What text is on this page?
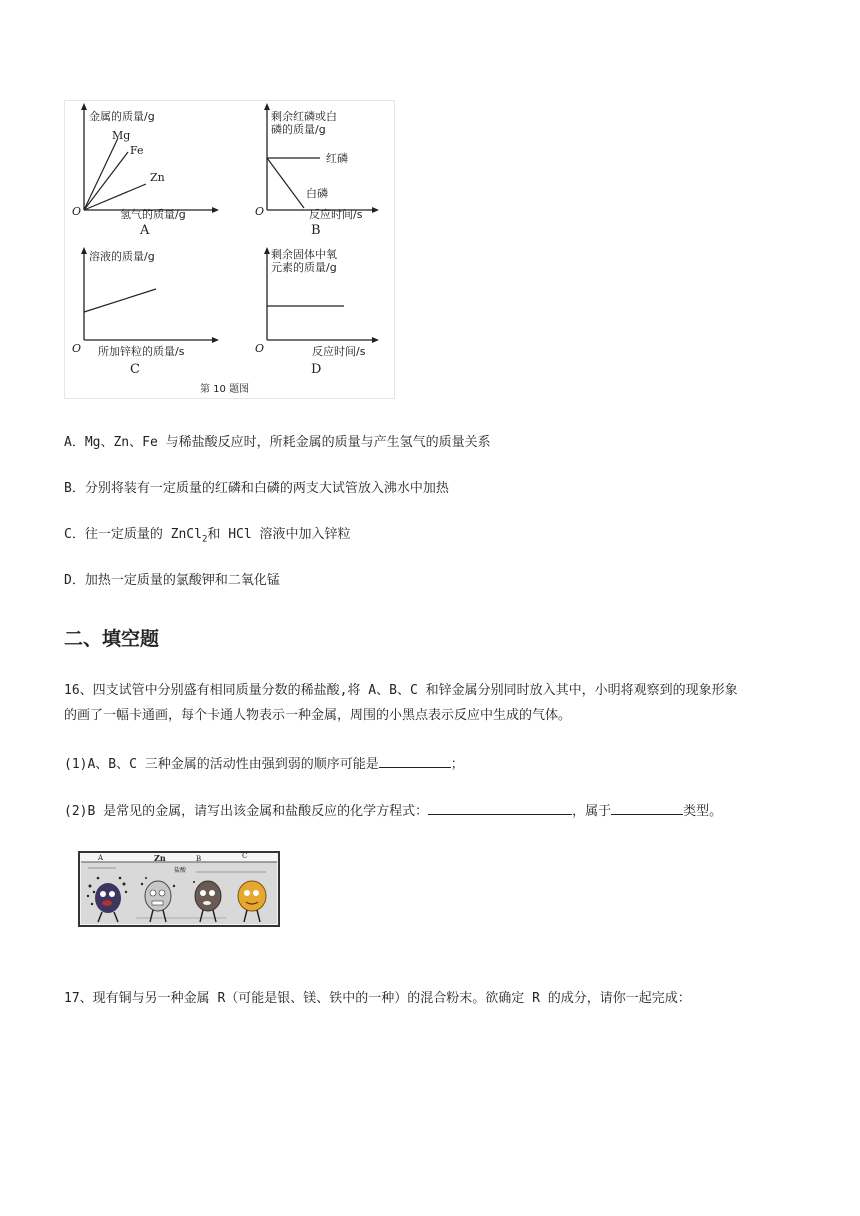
金属的质量/g
Mg
Fe
Zn
O	氢气的质量/g
A
剩余红磷或白
磷的质量/g
红磷
白磷
O	反应时间/s
B
溶液的质量/g
O 所加锌粒的质量/s
C
剩余固体中氧
元素的质量/g
O	反应时间/s
D
第 10 题图
A．Mg、Zn、Fe 与稀盐酸反应时，所耗金属的质量与产生氢气的质量关系
B．分别将装有一定质量的红磷和白磷的两支大试管放入沸水中加热
C．往一定质量的 ZnCl$_2$和 HCl 溶液中加入锌粒
D．加热一定质量的氯酸钾和二氧化锰
二、填空题
16、四支试管中分别盛有相同质量分数的稀盐酸,将 A、B、C 和锌金属分别同时放入其中，小明将观察到的现象形象
的画了一幅卡通画，每个卡通人物表示一种金属，周围的小黑点表示反应中生成的气体。
(1)A、B、C 三种金属的活动性由强到弱的顺序可能是	；
(2)B 是常见的金属，请写出该金属和盐酸反应的化学方程式：	，属于	类型。
A	Zn	B	C
盐酸
17、现有铜与另一种金属 R（可能是银、镁、铁中的一种）的混合粉末。欲确定 R 的成分，请你一起完成：
